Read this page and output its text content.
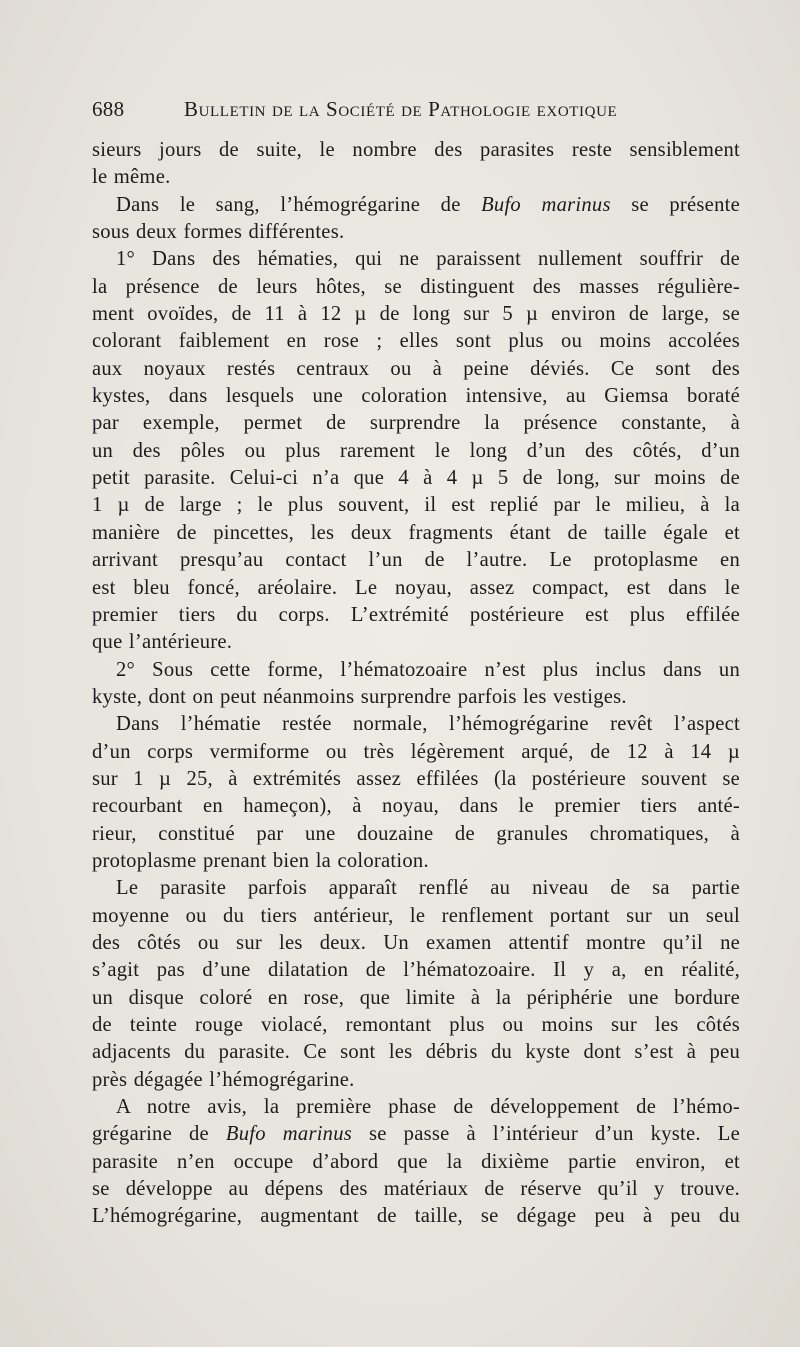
688	Bulletin de la Société de Pathologie exotique
sieurs jours de suite, le nombre des parasites reste sensiblement
le même.
Dans le sang, l’hémogrégarine de Bufo marinus se présente
sous deux formes différentes.
1° Dans des hématies, qui ne paraissent nullement souffrir de
la présence de leurs hôtes, se distinguent des masses régulière-
ment ovoïdes, de 11 à 12 µ de long sur 5 µ environ de large, se
colorant faiblement en rose ; elles sont plus ou moins accolées
aux noyaux restés centraux ou à peine déviés. Ce sont des
kystes, dans lesquels une coloration intensive, au Giemsa boraté
par exemple, permet de surprendre la présence constante, à
un des pôles ou plus rarement le long d’un des côtés, d’un
petit parasite. Celui-ci n’a que 4 à 4 µ 5 de long, sur moins de
1 µ de large ; le plus souvent, il est replié par le milieu, à la
manière de pincettes, les deux fragments étant de taille égale et
arrivant presqu’au contact l’un de l’autre. Le protoplasme en
est bleu foncé, aréolaire. Le noyau, assez compact, est dans le
premier tiers du corps. L’extrémité postérieure est plus effilée
que l’antérieure.
2° Sous cette forme, l’hématozoaire n’est plus inclus dans un
kyste, dont on peut néanmoins surprendre parfois les vestiges.
Dans l’hématie restée normale, l’hémogrégarine revêt l’aspect
d’un corps vermiforme ou très légèrement arqué, de 12 à 14 µ
sur 1 µ 25, à extrémités assez effilées (la postérieure souvent se
recourbant en hameçon), à noyau, dans le premier tiers anté-
rieur, constitué par une douzaine de granules chromatiques, à
protoplasme prenant bien la coloration.
Le parasite parfois apparaît renflé au niveau de sa partie
moyenne ou du tiers antérieur, le renflement portant sur un seul
des côtés ou sur les deux. Un examen attentif montre qu’il ne
s’agit pas d’une dilatation de l’hématozoaire. Il y a, en réalité,
un disque coloré en rose, que limite à la périphérie une bordure
de teinte rouge violacé, remontant plus ou moins sur les côtés
adjacents du parasite. Ce sont les débris du kyste dont s’est à peu
près dégagée l’hémogrégarine.
A notre avis, la première phase de développement de l’hémo-
grégarine de Bufo marinus se passe à l’intérieur d’un kyste. Le
parasite n’en occupe d’abord que la dixième partie environ, et
se développe au dépens des matériaux de réserve qu’il y trouve.
L’hémogrégarine, augmentant de taille, se dégage peu à peu du
